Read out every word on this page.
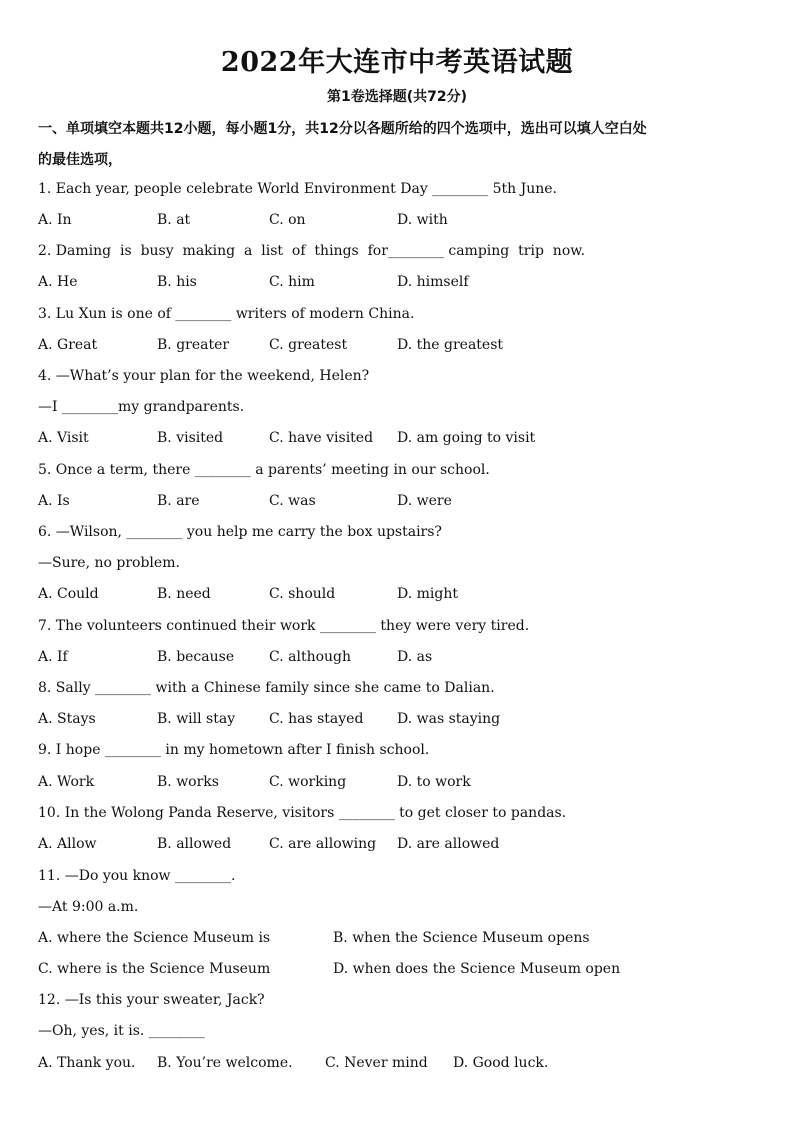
2022年大连市中考英语试题
第1卷选择题(共72分)
一、单项填空本题共12小题，每小题1分，共12分以各题所给的四个选项中，选出可以填人空白处
的最佳选项，
1. Each year, people celebrate World Environment Day ________ 5th June.
A. In	B. at	C. on	D. with
2. Daming  is  busy  making  a  list  of  things  for________ camping  trip  now.
A. He	B. his	C. him	D. himself
3. Lu Xun is one of ________ writers of modern China.
A. Great	B. greater	C. greatest	D. the greatest
4. —What’s your plan for the weekend, Helen?
—I ________my grandparents.
A. Visit	B. visited	C. have visited D. am going to visit
5. Once a term, there ________ a parents’ meeting in our school.
A. Is	B. are	C. was	D. were
6. —Wilson, ________ you help me carry the box upstairs?
—Sure, no problem.
A. Could	B. need	C. should	D. might
7. The volunteers continued their work ________ they were very tired.
A. If	B. because C. although	D. as
8. Sally ________ with a Chinese family since she came to Dalian.
A. Stays	B. will stay C. has stayed D. was staying
9. I hope ________ in my hometown after I finish school.
A. Work	B. works	C. working	D. to work
10. In the Wolong Panda Reserve, visitors ________ to get closer to pandas.
A. Allow	B. allowed	C. are allowing D. are allowed
11. —Do you know ________.
—At 9:00 a.m.
A. where the Science Museum is	B. when the Science Museum opens
C. where is the Science Museum	D. when does the Science Museum open
12. —Is this your sweater, Jack?
—Oh, yes, it is. ________
A. Thank you. B. You’re welcome. C. Never mind D. Good luck.
